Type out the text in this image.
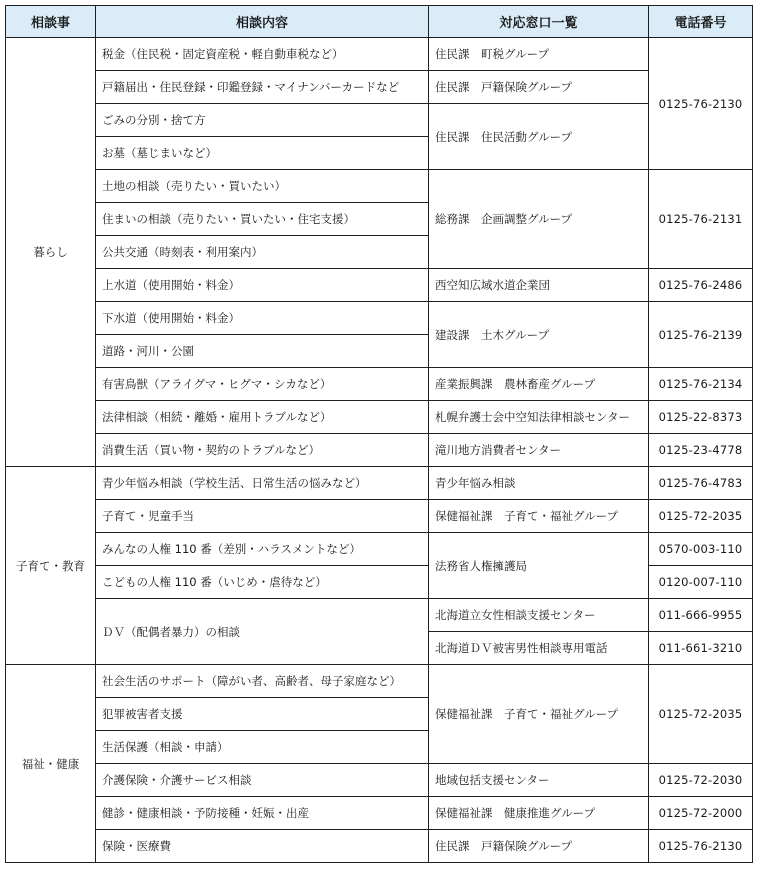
相談事	相談内容	対応窓口一覧	電話番号
暮らし	税金（住民税・固定資産税・軽自動車税など）	住民課　町税グループ	0125-76-2130
	戸籍届出・住民登録・印鑑登録・マイナンバーカードなど	住民課　戸籍保険グループ	
	ごみの分別・捨て方	住民課　住民活動グループ	
	お墓（墓じまいなど）		
	土地の相談（売りたい・買いたい）	総務課　企画調整グループ	0125-76-2131
	住まいの相談（売りたい・買いたい・住宅支援）		
	公共交通（時刻表・利用案内）		
	上水道（使用開始・料金）	西空知広域水道企業団	0125-76-2486
	下水道（使用開始・料金）	建設課　土木グループ	0125-76-2139
	道路・河川・公園		
	有害鳥獣（アライグマ・ヒグマ・シカなど）	産業振興課　農林畜産グループ	0125-76-2134
	法律相談（相続・離婚・雇用トラブルなど）	札幌弁護士会中空知法律相談センター	0125-22-8373
	消費生活（買い物・契約のトラブルなど）	滝川地方消費者センター	0125-23-4778
子育て・教育	青少年悩み相談（学校生活、日常生活の悩みなど）	青少年悩み相談	0125-76-4783
	子育て・児童手当	保健福祉課　子育て・福祉グループ	0125-72-2035
	みんなの人権 110 番（差別・ハラスメントなど）	法務省人権擁護局	0570-003-110
	こどもの人権 110 番（いじめ・虐待など）		0120-007-110
	ＤＶ（配偶者暴力）の相談	北海道立女性相談支援センター	011-666-9955
		北海道ＤＶ被害男性相談専用電話	011-661-3210
福祉・健康	社会生活のサポート（障がい者、高齢者、母子家庭など）	保健福祉課　子育て・福祉グループ	0125-72-2035
	犯罪被害者支援		
	生活保護（相談・申請）		
	介護保険・介護サービス相談	地域包括支援センター	0125-72-2030
	健診・健康相談・予防接種・妊娠・出産	保健福祉課　健康推進グループ	0125-72-2000
	保険・医療費	住民課　戸籍保険グループ	0125-76-2130
